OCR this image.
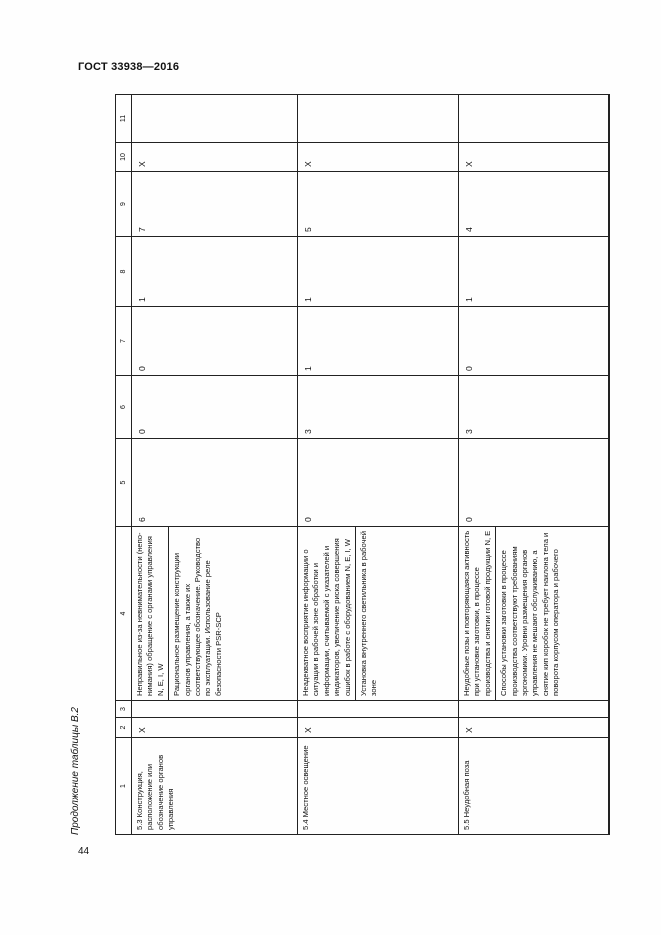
ГОСТ 33938—2016
Продолжение таблицы В.2	1	2	3	4	5	6	7	8	9	10	11
5.3 Конструкция, расположение или обозначение органов управления	Х		Неправильное из-за невнимательности (непонимания) обращение с органами управления N, E, I, W Рациональное размещение конструкции органов управления, а также их соответствующее обозначение. Руководство по эксплуатации. Использование реле безопасности PSR-SCP	6	0	0	1	7	Х	
5.4 Местное освещение	Х		Неадекватное восприятие информации о ситуации в рабочей зоне обработки и информации, считываемой с указателей и индикаторов, увеличение риска совершения ошибок в работе с оборудованием N, E, I, W Установка внутреннего светильника в рабочей зоне	0	3	1	1	5	Х	
5.5 Неудобная поза	Х		Неудобные позы и повторяющаяся активность при установке заготовки, в процессе производства и снятии готовой продукции N, E Способы установки заготовки в процессе производства соответствуют требованиям эргономики. Уровни размeщения органов управления не мешают обслуживанию, а снятие кип коробок не требует наклона тела и поворота корпусом оператора и рабочего	0	3	0	1	4	Х	
44
